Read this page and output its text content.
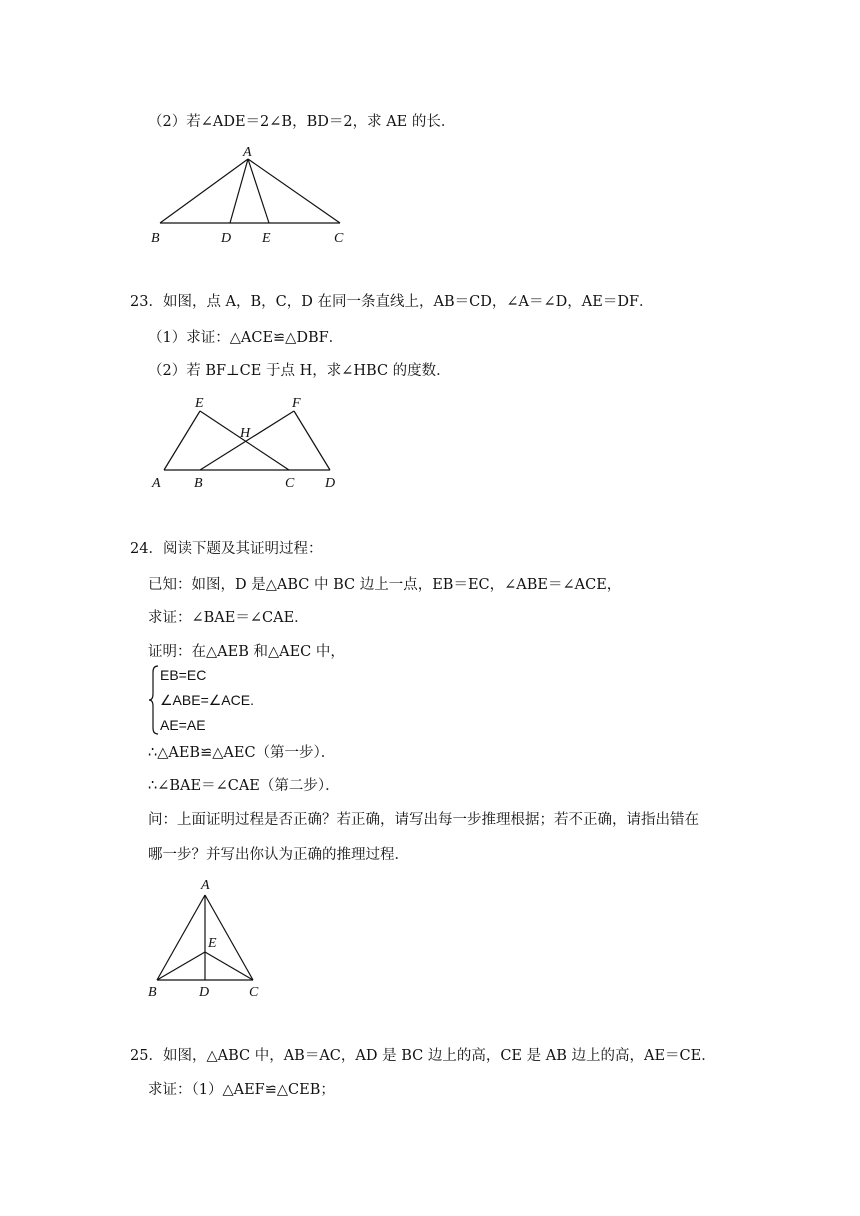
（2）若∠ADE＝2∠B，BD＝2，求 AE 的长．
A
B	D E	C
23．如图，点 A，B，C，D 在同一条直线上，AB＝CD，∠A＝∠D，AE＝DF．
（1）求证：△ACE≌△DBF．
（2）若 BF⊥CE 于点 H，求∠HBC 的度数．
E	F
H
A B	C D
24．阅读下题及其证明过程：
已知：如图，D 是△ABC 中 BC 边上一点，EB＝EC，∠ABE＝∠ACE，
求证：∠BAE＝∠CAE．
证明：在△AEB 和△AEC 中，
EB=EC
∠ABE=∠ACE.
AE=AE
∴△AEB≌△AEC（第一步）．
∴∠BAE＝∠CAE（第二步）．
问：上面证明过程是否正确？若正确，请写出每一步推理根据；若不正确，请指出错在
哪一步？并写出你认为正确的推理过程．
A
E
B	D	C
25．如图，△ABC 中，AB＝AC，AD 是 BC 边上的高，CE 是 AB 边上的高，AE＝CE．
求证：（1）△AEF≌△CEB；
